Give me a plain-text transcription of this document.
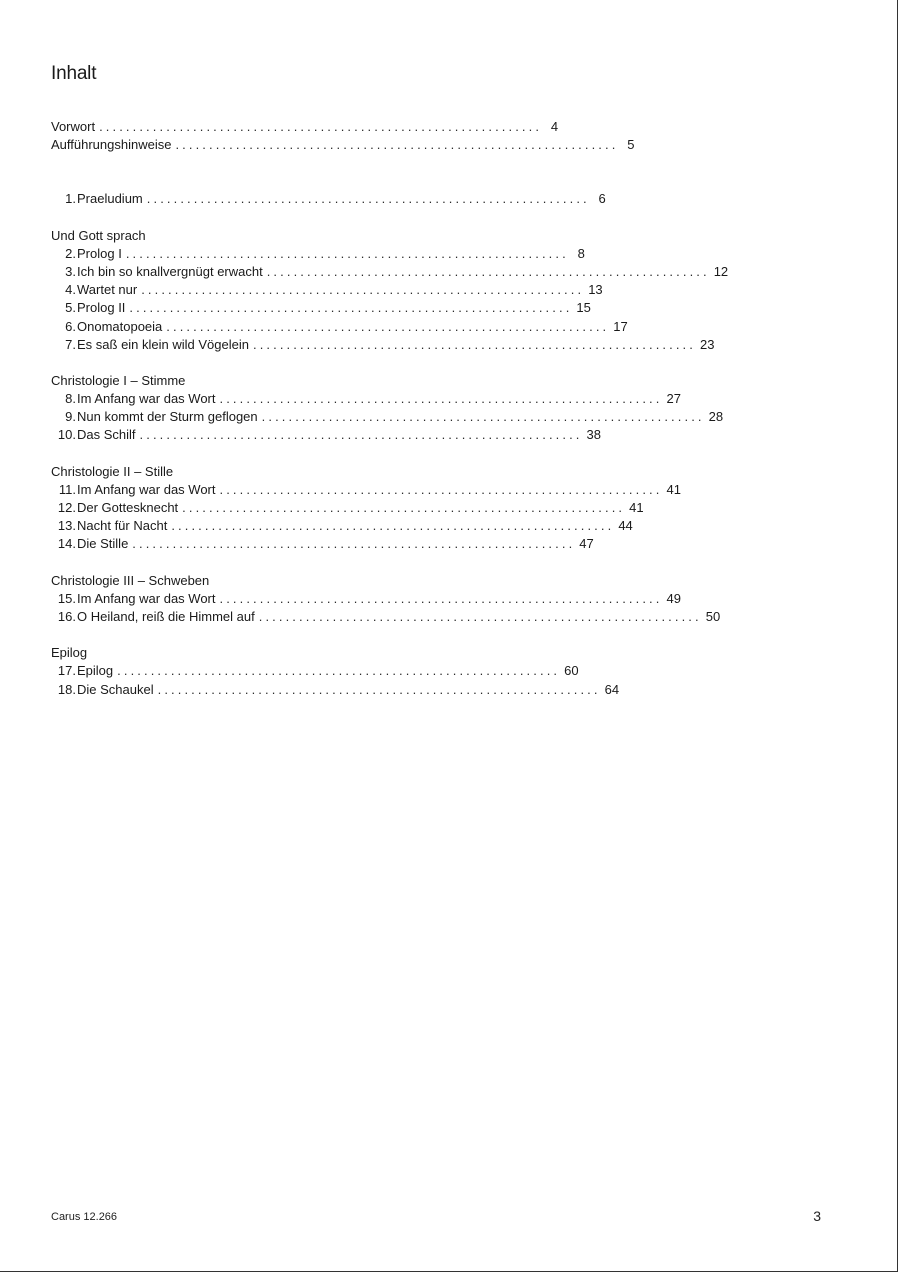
Inhalt
Vorwort .................................................................. 4
Aufführungshinweise .................................................................. 5
1. Praeludium .................................................................. 6
Und Gott sprach
2. Prolog I .................................................................. 8
3. Ich bin so knallvergnügt erwacht .................................................................. 12
4. Wartet nur .................................................................. 13
5. Prolog II .................................................................. 15
6. Onomatopoeia .................................................................. 17
7. Es saß ein klein wild Vögelein .................................................................. 23
Christologie I – Stimme
8. Im Anfang war das Wort .................................................................. 27
9. Nun kommt der Sturm geflogen .................................................................. 28
10. Das Schilf .................................................................. 38
Christologie II – Stille
11. Im Anfang war das Wort .................................................................. 41
12. Der Gottesknecht .................................................................. 41
13. Nacht für Nacht .................................................................. 44
14. Die Stille .................................................................. 47
Christologie III – Schweben
15. Im Anfang war das Wort .................................................................. 49
16. O Heiland, reiß die Himmel auf .................................................................. 50
Epilog
17. Epilog .................................................................. 60
18. Die Schaukel .................................................................. 64
Carus 12.266	3
